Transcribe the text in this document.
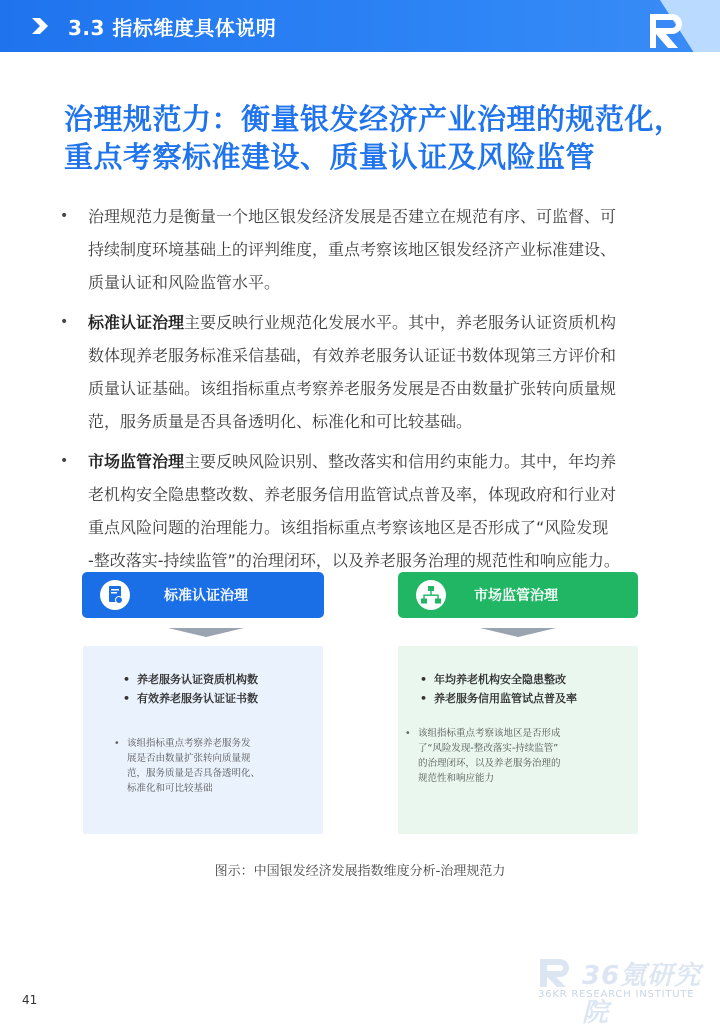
3.3 指标维度具体说明
治理规范力：衡量银发经济产业治理的规范化，
重点考察标准建设、质量认证及风险监管
• 治理规范力是衡量一个地区银发经济发展是否建立在规范有序、可监督、可
持续制度环境基础上的评判维度，重点考察该地区银发经济产业标准建设、
质量认证和风险监管水平。
• 标准认证治理主要反映行业规范化发展水平。其中，养老服务认证资质机构
数体现养老服务标准采信基础，有效养老服务认证证书数体现第三方评价和
质量认证基础。该组指标重点考察养老服务发展是否由数量扩张转向质量规
范，服务质量是否具备透明化、标准化和可比较基础。
• 市场监管治理主要反映风险识别、整改落实和信用约束能力。其中，年均养
老机构安全隐患整改数、养老服务信用监管试点普及率，体现政府和行业对
重点风险问题的治理能力。该组指标重点考察该地区是否形成了“风险发现
-整改落实-持续监管”的治理闭环，以及养老服务治理的规范性和响应能力。
标准认证治理	市场监管治理
• 养老服务认证资质机构数
• 有效养老服务认证证书数
• 该组指标重点考察养老服务发
展是否由数量扩张转向质量规
范，服务质量是否具备透明化、
标准化和可比较基础
• 年均养老机构安全隐患整改
• 养老服务信用监管试点普及率
• 该组指标重点考察该地区是否形成
了“风险发现-整改落实-持续监管”
的治理闭环，以及养老服务治理的
规范性和响应能力
图示：中国银发经济发展指数维度分析-治理规范力
36氪研究院
36KR RESEARCH INSTITUTE
41
